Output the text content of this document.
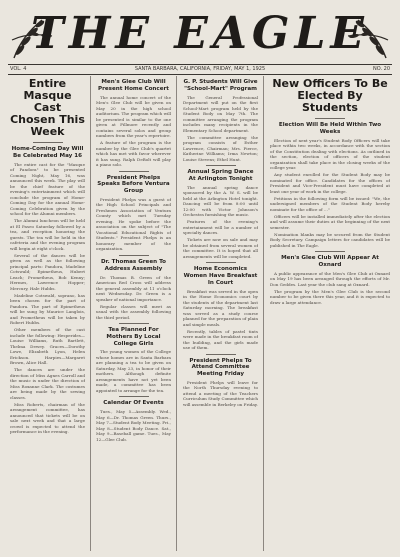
THE EAGLE
VOL. 4	SANTA BARBARA, CALIFORNIA, FRIDAY, MAY 1, 1925	NO. 20
Entire Masque Cast Chosen This Week
Home-Coming Day Will Be Celebrated May 16

The entire cast for the "Masque of Pandora" to be presented Coming Night, May 16, was announced this week. The play will be the chief feature of the evening's entertainment which will conclude the program of Home-Coming Day for the annual Home-Coming Celebration given by the school for the Alumni members.

The Alumni luncheon will be held at El Paseo Saturday followed by a tea, and reception honoring the guests. The tea will be held in the cafeteria and the evening program will begin at eight o'clock.

Several of the dances will be given as well as the following principal parts: Pandora, Madeline Cotswald; Epimetheus, Hubert Leach; Prometheus, Bob Kenny; Hermes, Lawrence Hopper; Mercury, Hale Hubbs.

Madeline Cotswald, soprano, has been chosen for the part of Pandora. The part of Epimetheus will be sung by Maurice Langlois, and Prometheus will be taken by Robert Hubbs.

Other members of the cast include the following: Hesperides—Louise Williams, Ruth Bartlett, Thelma Dewey. Graces—Dorothy Lowe, Elizabeth Lyon, Helen Erickson. Harpies—Margaret Brown, Alice Hall.

The dances are under the direction of Miss Agnes Carroll and the music is under the direction of Miss Roxanne Clark. The costumes are being made by the sewing classes.

Miss Roberts, chairman of the arrangement committee, has announced that tickets will be on sale next week and that a large crowd is expected to attend the performance in the evening.

Men's Glee Club Will Present Home Concert

The annual home concert of the Men's Glee Club will be given on May 20 in the high school auditorium. The program which will be presented is similar to the one given at Fillmore recently and contains several solos and group numbers from the year's repertoire.

A feature of the program is the number by the Glee Club's quartet which has met with favor wherever it has sung. Ralph DeBolt will play a piano solo.

President Phelps Speaks Before Ventura Group

President Phelps was a guest of the High School Principals and Freshmen Association of Ventura County which met Tuesday evening. He spoke before the association on the subject of "The Vocational Educational Rights of Students." President Phelps is an honorary member of the organization.

Dr. Thomas Green To Address Assembly

Dr. Thomas B. Green of the American Red Cross will address the general assembly at 11 o'clock next Wednesday. Dr. Green is a speaker of national importance.

Regular classes will meet as usual with the assembly following the third period.

Tea Planned For Mothers By Local College Girls

The young women of the College whose homes are in Santa Barbara are planning a tea to be given on Saturday, May 23, in honor of their mothers. Although definite arrangements have not yet been made, a committee has been appointed to arrange for the tea.

Calendar Of Events

Tues., May 5—Assembly. Wed., May 6—Dr. Thomas Green. Thurs., May 7—Student Body Meeting. Fri., May 8—Student Body Dance. Sat., May 9—Baseball game. Tues., May 12—Glee Club.

G. P. Students Will Give "School-Mart" Program

The General Professional Department will put on the first School-Mart program held by the Student Body on May 7th. The committee arranging the program includes many recipients in the Elementary School department.

The committee arranging the program consists of Esther Lawrence, Chairman; Mrs. Pierce, Katherine Williams; Irma Newton; Louise Stevens; Ethel Hunt.

Annual Spring Dance At Arlington Tonight

The annual spring dance sponsored by the A. W. S. will be held at the Arlington Hotel tonight. Dancing will be from 8:00 until 12:00 with Victor Johnson's Orchestra furnishing the music.

Features of the evening's entertainment will be a number of specialty dances.

Tickets are now on sale and may be obtained from several women of the committee. It is hoped that all arrangements will be completed.

Home Economics Women Have Breakfast In Court

Breakfast was served in the open in the Home Economics court by the students of the department last Saturday morning. The breakfast was served as a study course planned for the preparation of plain and simple meals.

Recently, tables of pastel tints were made in the breakfast room of the building, and the girls made use of them.

President Phelps To Attend Committee Meeting Friday

President Phelps will leave for the North Thursday evening to attend a meeting of the Teachers Curriculum Study Committee which will assemble in Berkeley on Friday.

New Officers To Be Elected By Students
Election Will Be Held Within Two Weeks

Election of next year's Student Body Officers will take place within two weeks, in accordance with the section of the Constitution dealing with elections. As outlined in the section, election of officers of the student organization shall take place in the closing weeks of the college year.

Any student enrolled for the Student Body may be nominated for office. Candidates for the offices of President and Vice-President must have completed at least one year of work in the college.

Petitions in the following form will be issued: "We, the undersigned members of the Student Body hereby nominate for the office of ..."

Officers will be installed immediately after the election and will assume their duties at the beginning of the next semester.

Nomination blanks may be secured from the Student Body Secretary. Campaign letters for candidates will be published in The Eagle.

Men's Glee Club Will Appear At Oxnard

A public appearance of the Men's Glee Club at Oxnard on May 19 has been arranged through the efforts of Mr. Don Geddes. Last year the club sang at Oxnard.

The program by the Men's Glee Club is the second number to be given there this year, and it is expected to draw a large attendance.
